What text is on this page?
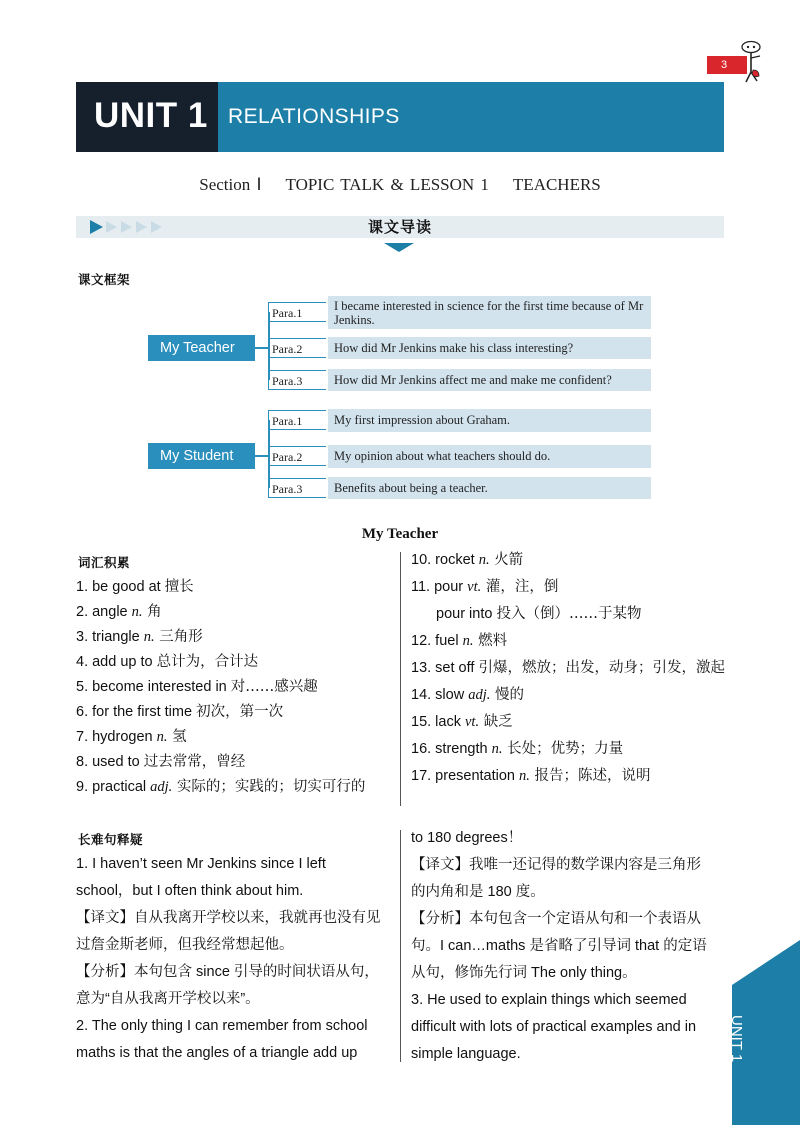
3
UNIT 1 RELATIONSHIPS
Section Ⅰ TOPIC TALK & LESSON 1 TEACHERS
课文导读
课文框架
My Teacher
Para.1
Para.2
Para.3
I became interested in science for the first time because of Mr Jenkins.
How did Mr Jenkins make his class interesting?
How did Mr Jenkins affect me and make me confident?
My Student
Para.1
Para.2
Para.3
My first impression about Graham.
My opinion about what teachers should do.
Benefits about being a teacher.
My Teacher
词汇积累
1. be good at 擅长
2. angle n. 角
3. triangle n. 三角形
4. add up to 总计为，合计达
5. become interested in 对……感兴趣
6. for the first time 初次，第一次
7. hydrogen n. 氢
8. used to 过去常常，曾经
9. practical adj. 实际的；实践的；切实可行的
10. rocket n. 火箭
11. pour vt. 灌，注，倒
pour into 投入（倒）……于某物
12. fuel n. 燃料
13. set off 引爆，燃放；出发，动身；引发，激起
14. slow adj. 慢的
15. lack vt. 缺乏
16. strength n. 长处；优势；力量
17. presentation n. 报告；陈述，说明
长难句释疑
1. I haven’t seen Mr Jenkins since I left
school，but I often think about him.
【译文】自从我离开学校以来，我就再也没有见
过詹金斯老师，但我经常想起他。
【分析】本句包含 since 引导的时间状语从句，
意为“自从我离开学校以来”。
2. The only thing I can remember from school
maths is that the angles of a triangle add up
to 180 degrees！
【译文】我唯一还记得的数学课内容是三角形
的内角和是 180 度。
【分析】本句包含一个定语从句和一个表语从
句。I can…maths 是省略了引导词 that 的定语
从句，修饰先行词 The only thing。
3. He used to explain things which seemed
difficult with lots of practical examples and in
simple language.	UNIT 1
